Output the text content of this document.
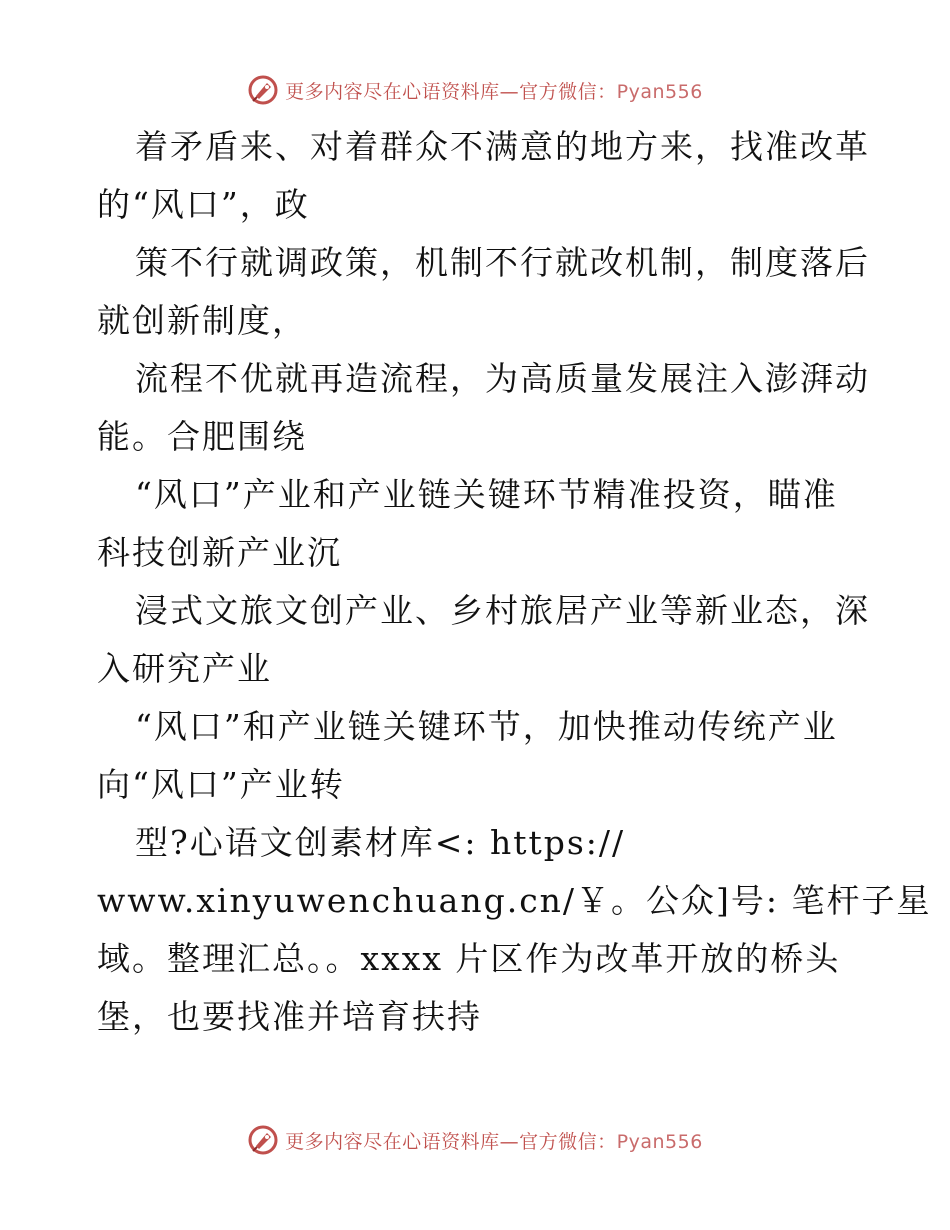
更多内容尽在心语资料库—官方微信：Pyan556
着矛盾来、对着群众不满意的地方来，找准改革
的“风口”，政
策不行就调政策，机制不行就改机制，制度落后
就创新制度，
流程不优就再造流程，为高质量发展注入澎湃动
能。合肥围绕
“风口”产业和产业链关键环节精准投资，瞄准
科技创新产业沉
浸式文旅文创产业、乡村旅居产业等新业态，深
入研究产业
“风口”和产业链关键环节，加快推动传统产业
向“风口”产业转
型?心语文创素材库<: https://
www.xinyuwenchuang.cn/￥。公众]号: 笔杆子星
域。整理汇总。。xxxx 片区作为改革开放的桥头
堡，也要找准并培育扶持
更多内容尽在心语资料库—官方微信：Pyan556
